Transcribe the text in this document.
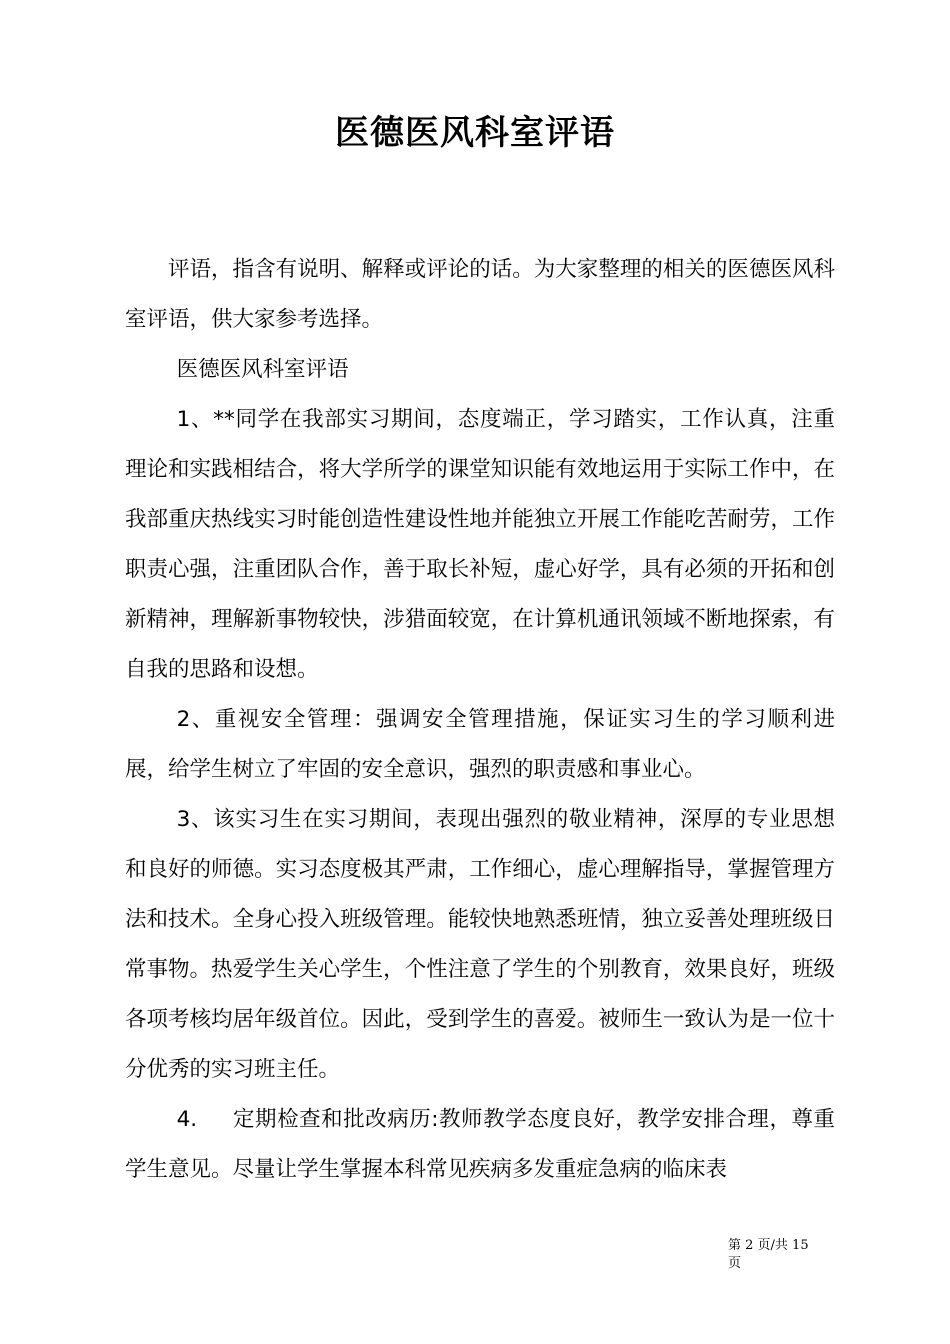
医德医风科室评语

评语，指含有说明、解释或评论的话。为大家整理的相关的医德医风科室评语，供大家参考选择。

医德医风科室评语

1、**同学在我部实习期间，态度端正，学习踏实，工作认真，注重理论和实践相结合，将大学所学的课堂知识能有效地运用于实际工作中，在我部重庆热线实习时能创造性建设性地并能独立开展工作能吃苦耐劳，工作职责心强，注重团队合作，善于取长补短，虚心好学，具有必须的开拓和创新精神，理解新事物较快，涉猎面较宽，在计算机通讯领域不断地探索，有自我的思路和设想。

2、重视安全管理：强调安全管理措施，保证实习生的学习顺利进展，给学生树立了牢固的安全意识，强烈的职责感和事业心。

3、该实习生在实习期间，表现出强烈的敬业精神，深厚的专业思想和良好的师德。实习态度极其严肃，工作细心，虚心理解指导，掌握管理方法和技术。全身心投入班级管理。能较快地熟悉班情，独立妥善处理班级日常事物。热爱学生关心学生，个性注意了学生的个别教育，效果良好，班级各项考核均居年级首位。因此，受到学生的喜爱。被师生一致认为是一位十分优秀的实习班主任。

4. 定期检查和批改病历:教师教学态度良好，教学安排合理，尊重学生意见。尽量让学生掌握本科常见疾病多发重症急病的临床表

第 2 页/共 15 页
